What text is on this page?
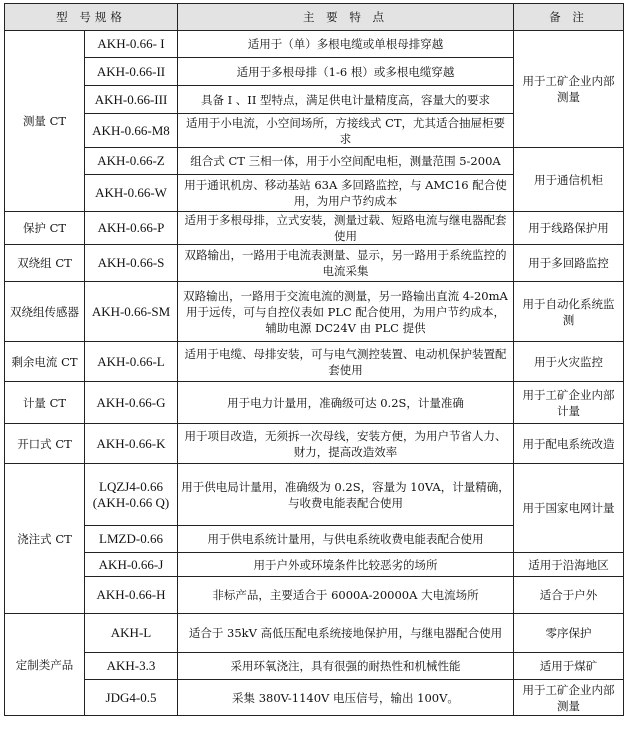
型 号规格		主 要 特 点	备 注
测量 CT	AKH-0.66- I	适用于（单）多根电缆或单根母排穿越	用于工矿企业内部测量
	AKH-0.66-II	适用于多根母排（1-6 根）或多根电缆穿越	
	AKH-0.66-III	具备 I 、II 型特点，满足供电计量精度高，容量大的要求	
	AKH-0.66-M8	适用于小电流，小空间场所，方接线式 CT，尤其适合抽屉柜要求	
	AKH-0.66-Z	组合式 CT 三相一体，用于小空间配电柜，测量范围 5-200A	用于通信机柜
	AKH-0.66-W	用于通讯机房、移动基站 63A 多回路监控，与 AMC16 配合使用，为用户节约成本	
保护 CT	AKH-0.66-P	适用于多根母排，立式安装，测量过载、短路电流与继电器配套使用	用于线路保护用
双绕组 CT	AKH-0.66-S	双路输出，一路用于电流表测量、显示，另一路用于系统监控的电流采集	用于多回路监控
双绕组传感器	AKH-0.66-SM	双路输出，一路用于交流电流的测量，另一路输出直流 4-20mA 用于远传，可与自控仪表如 PLC 配合使用，为用户节约成本，辅助电源 DC24V 由 PLC 提供	用于自动化系统监测
剩余电流 CT	AKH-0.66-L	适用于电缆、母排安装，可与电气测控装置、电动机保护装置配套使用	用于火灾监控
计量 CT	AKH-0.66-G	用于电力计量用，准确级可达 0.2S，计量准确	用于工矿企业内部计量
开口式 CT	AKH-0.66-K	用于项目改造，无须拆一次母线，安装方便，为用户节省人力、财力，提高改造效率	用于配电系统改造
浇注式 CT	LQZJ4-0.66 (AKH-0.66 Q)	用于供电局计量用，准确级为 0.2S，容量为 10VA，计量精确，与收费电能表配合使用	用于国家电网计量
	LMZD-0.66	用于供电系统计量用，与供电系统收费电能表配合使用	
	AKH-0.66-J	用于户外或环境条件比较恶劣的场所	适用于沿海地区
	AKH-0.66-H	非标产品，主要适合于 6000A-20000A 大电流场所	适合于户外
定制类产品	AKH-L	适合于 35kV 高低压配电系统接地保护用，与继电器配合使用	零序保护
	AKH-3.3	采用环氧浇注，具有很强的耐热性和机械性能	适用于煤矿
	JDG4-0.5	采集 380V-1140V 电压信号，输出 100V。	用于工矿企业内部测量
